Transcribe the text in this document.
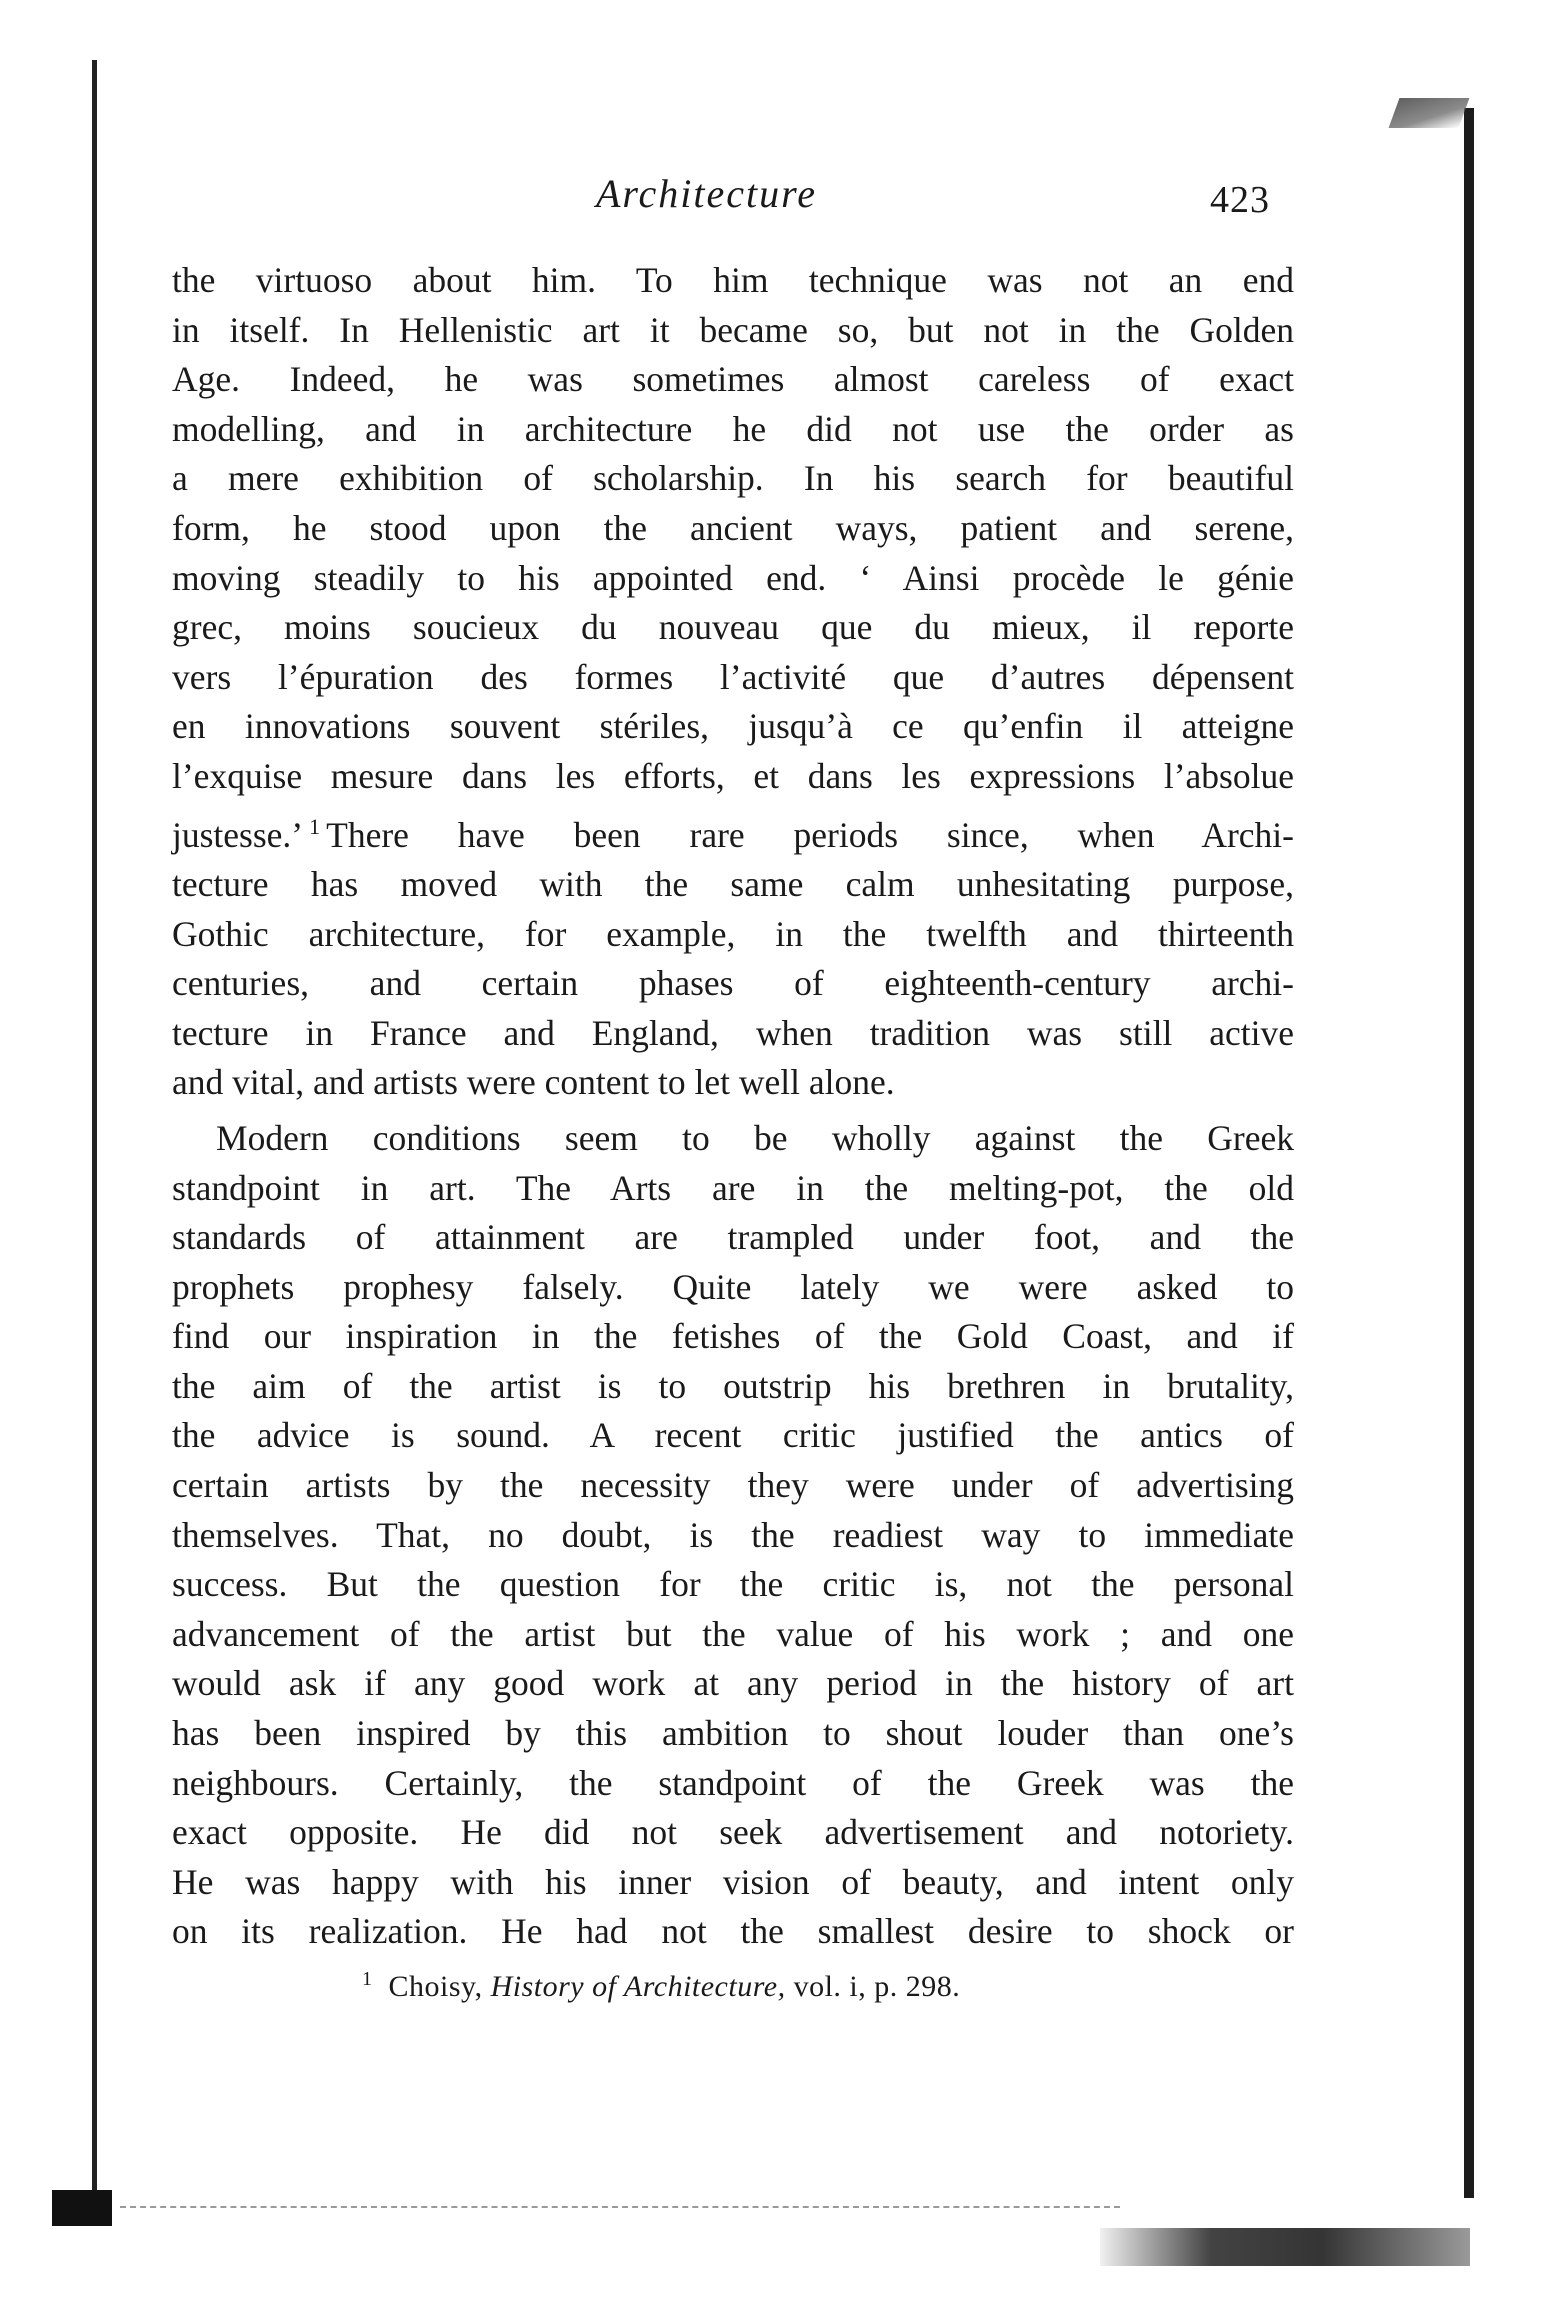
Architecture	423
the virtuoso about him. To him technique was not an end
in itself. In Hellenistic art it became so, but not in the Golden
Age. Indeed, he was sometimes almost careless of exact
modelling, and in architecture he did not use the order as
a mere exhibition of scholarship. In his search for beautiful
form, he stood upon the ancient ways, patient and serene,
moving steadily to his appointed end. ‘ Ainsi procède le génie
grec, moins soucieux du nouveau que du mieux, il reporte
vers l’épuration des formes l’activité que d’autres dépensent
en innovations souvent stériles, jusqu’à ce qu’enfin il atteigne
l’exquise mesure dans les efforts, et dans les expressions l’absolue
justesse.’ $^1$ There have been rare periods since, when Archi-
tecture has moved with the same calm unhesitating purpose,
Gothic architecture, for example, in the twelfth and thirteenth
centuries, and certain phases of eighteenth-century archi-
tecture in France and England, when tradition was still active
and vital, and artists were content to let well alone.
Modern conditions seem to be wholly against the Greek
standpoint in art. The Arts are in the melting-pot, the old
standards of attainment are trampled under foot, and the
prophets prophesy falsely. Quite lately we were asked to
find our inspiration in the fetishes of the Gold Coast, and if
the aim of the artist is to outstrip his brethren in brutality,
the advice is sound. A recent critic justified the antics of
certain artists by the necessity they were under of advertising
themselves. That, no doubt, is the readiest way to immediate
success. But the question for the critic is, not the personal
advancement of the artist but the value of his work ; and one
would ask if any good work at any period in the history of art
has been inspired by this ambition to shout louder than one’s
neighbours. Certainly, the standpoint of the Greek was the
exact opposite. He did not seek advertisement and notoriety.
He was happy with his inner vision of beauty, and intent only
on its realization. He had not the smallest desire to shock or
$^1$ Choisy, History of Architecture, vol. i, p. 298.
